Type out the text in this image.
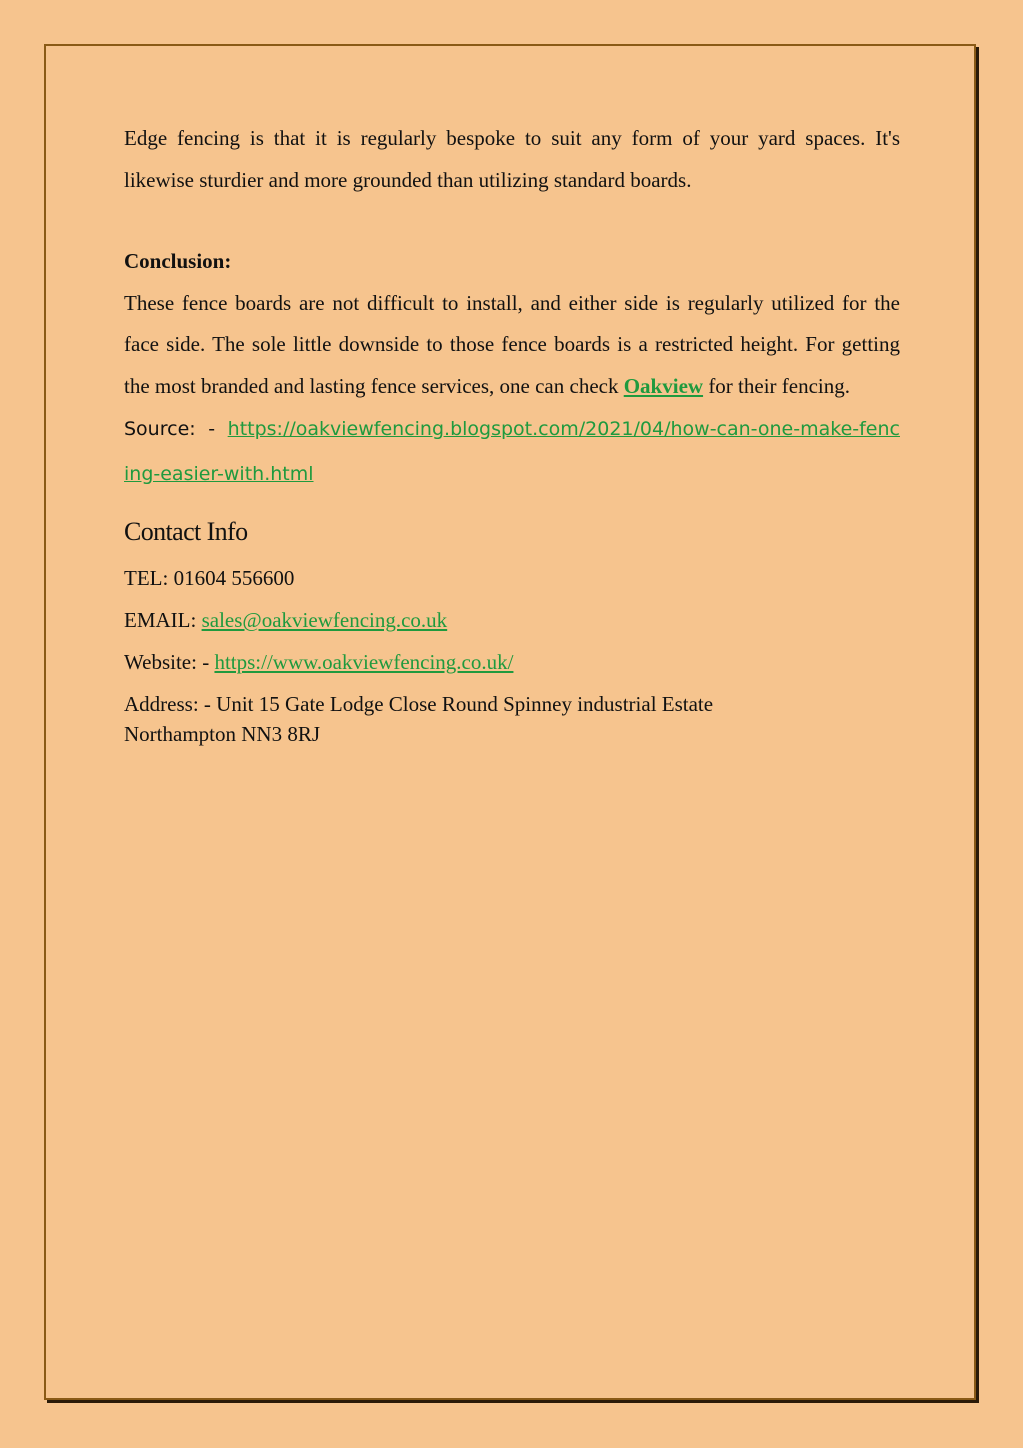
Edge fencing is that it is regularly bespoke to suit any form of your yard spaces. It's likewise sturdier and more grounded than utilizing standard boards.

Conclusion:

These fence boards are not difficult to install, and either side is regularly utilized for the face side. The sole little downside to those fence boards is a restricted height. For getting the most branded and lasting fence services, one can check Oakview for their fencing.

Source:  -  https://oakviewfencing.blogspot.com/2021/04/how-can-one-make-fencing-easier-with.html

Contact Info

TEL: 01604 556600

EMAIL: sales@oakviewfencing.co.uk

Website: - https://www.oakviewfencing.co.uk/

Address: - Unit 15 Gate Lodge Close Round Spinney industrial Estate
Northampton NN3 8RJ
